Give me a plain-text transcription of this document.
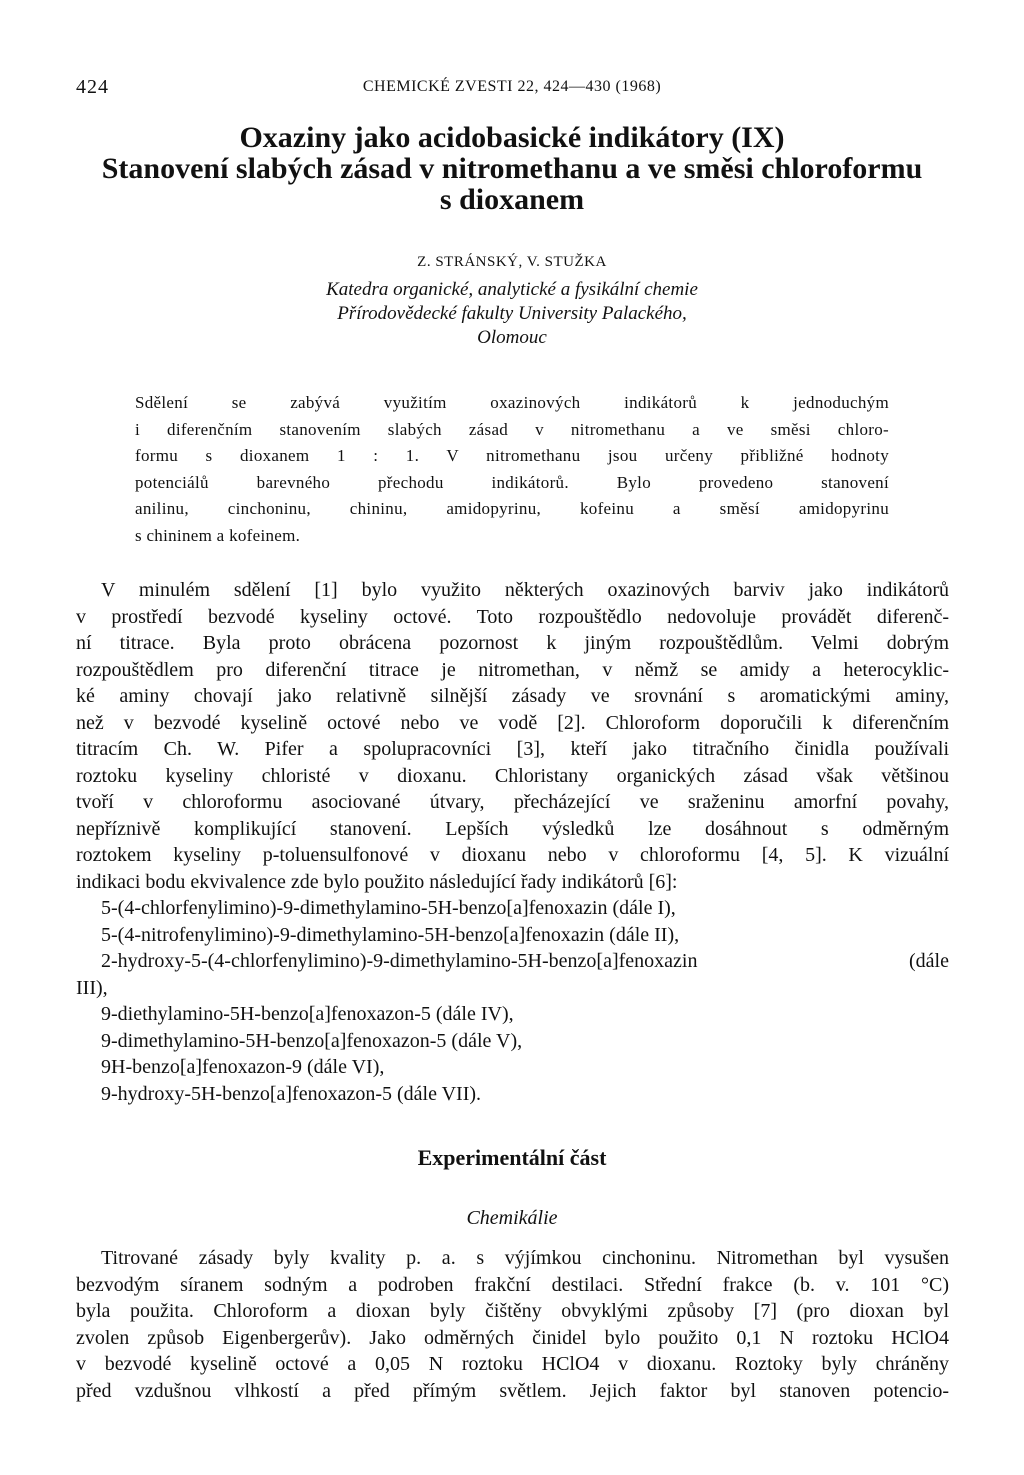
424	CHEMICKÉ ZVESTI 22, 424—430 (1968)
Oxaziny jako acidobasické indikátory (IX)
Stanovení slabých zásad v nitromethanu a ve směsi chloroformu
s dioxanem
Z. STRÁNSKÝ, V. STUŽKA
Katedra organické, analytické a fysikální chemie
Přírodovědecké fakulty University Palackého,
Olomouc
Sdělení se zabývá využitím oxazinových indikátorů k jednoduchým
i diferenčním stanovením slabých zásad v nitromethanu a ve směsi chloro-
formu s dioxanem 1 : 1. V nitromethanu jsou určeny přibližné hodnoty
potenciálů barevného přechodu indikátorů. Bylo provedeno stanovení
anilinu, cinchoninu, chininu, amidopyrinu, kofeinu a směsí amidopyrinu
s chininem a kofeinem.
V minulém sdělení [1] bylo využito některých oxazinových barviv jako indikátorů
v prostředí bezvodé kyseliny octové. Toto rozpouštědlo nedovoluje provádět diferenč-
ní titrace. Byla proto obrácena pozornost k jiným rozpouštědlům. Velmi dobrým
rozpouštědlem pro diferenční titrace je nitromethan, v němž se amidy a heterocyklic-
ké aminy chovají jako relativně silnější zásady ve srovnání s aromatickými aminy,
než v bezvodé kyselině octové nebo ve vodě [2]. Chloroform doporučili k diferenčním
titracím Ch. W. Pifer a spolupracovníci [3], kteří jako titračního činidla používali
roztoku kyseliny chloristé v dioxanu. Chloristany organických zásad však většinou
tvoří v chloroformu asociované útvary, přecházející ve sraženinu amorfní povahy,
nepříznivě komplikující stanovení. Lepších výsledků lze dosáhnout s odměrným
roztokem kyseliny p-toluensulfonové v dioxanu nebo v chloroformu [4, 5]. K vizuální
indikaci bodu ekvivalence zde bylo použito následující řady indikátorů [6]:
5-(4-chlorfenylimino)-9-dimethylamino-5H-benzo[a]fenoxazin (dále I),
5-(4-nitrofenylimino)-9-dimethylamino-5H-benzo[a]fenoxazin (dále II),
2-hydroxy-5-(4-chlorfenylimino)-9-dimethylamino-5H-benzo[a]fenoxazin	(dále
III),
9-diethylamino-5H-benzo[a]fenoxazon-5 (dále IV),
9-dimethylamino-5H-benzo[a]fenoxazon-5 (dále V),
9H-benzo[a]fenoxazon-9 (dále VI),
9-hydroxy-5H-benzo[a]fenoxazon-5 (dále VII).
Experimentální část
Chemikálie
Titrované zásady byly kvality p. a. s výjímkou cinchoninu. Nitromethan byl vysušen
bezvodým síranem sodným a podroben frakční destilaci. Střední frakce (b. v. 101 °C)
byla použita. Chloroform a dioxan byly čištěny obvyklými způsoby [7] (pro dioxan byl
zvolen způsob Eigenbergerův). Jako odměrných činidel bylo použito 0,1 N roztoku HClO4
v bezvodé kyselině octové a 0,05 N roztoku HClO4 v dioxanu. Roztoky byly chráněny
před vzdušnou vlhkostí a před přímým světlem. Jejich faktor byl stanoven potencio-
